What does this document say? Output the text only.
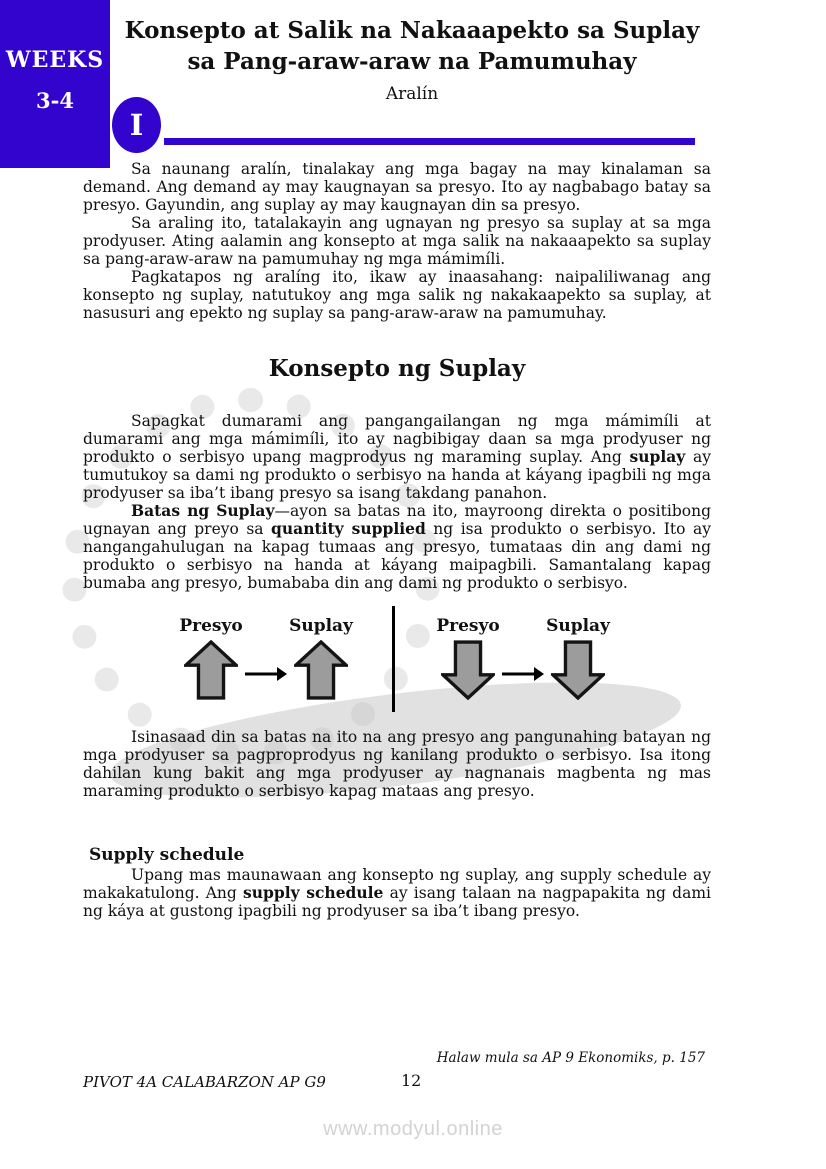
WEEKS
3-4
Konsepto at Salik na Nakaaapekto sa Suplay
sa Pang-araw-araw na Pamumuhay
Aralín
I

Sa naunang aralín, tinalakay ang mga bagay na may kinalaman sa demand. Ang demand ay may kaugnayan sa presyo. Ito ay nagbabago batay sa presyo. Gayundin, ang suplay ay may kaugnayan din sa presyo.

Sa araling ito, tatalakayin ang ugnayan ng presyo sa suplay at sa mga prodyuser. Ating aalamin ang konsepto at mga salik na nakaaapekto sa suplay sa pang-araw-araw na pamumuhay ng mga mámimíli.

Pagkatapos ng aralíng ito, ikaw ay inaasahang: naipaliliwanag ang konsepto ng suplay, natutukoy ang mga salik ng nakakaapekto sa suplay, at nasusuri ang epekto ng suplay sa pang-araw-araw na pamumuhay.

Konsepto ng Suplay

Sapagkat dumarami ang pangangailangan ng mga mámimíli at dumarami ang mga mámimíli, ito ay nagbibigay daan sa mga prodyuser ng produkto o serbisyo upang magprodyus ng maraming suplay. Ang suplay ay tumutukoy sa dami ng produkto o serbisyo na handa at káyang ipagbili ng mga prodyuser sa iba’t ibang presyo sa isang takdang panahon.

Batas ng Suplay—ayon sa batas na ito, mayroong direkta o positibong ugnayan ang preyo sa quantity supplied ng isa produkto o serbisyo. Ito ay nangangahulugan na kapag tumaas ang presyo, tumataas din ang dami ng produkto o serbisyo na handa at káyang maipagbili. Samantalang kapag bumaba ang presyo, bumababa din ang dami ng produkto o serbisyo.

Presyo	Suplay	Presyo	Suplay

Isinasaad din sa batas na ito na ang presyo ang pangunahing batayan ng mga prodyuser sa pagproprodyus ng kanilang produkto o serbisyo. Isa itong dahilan kung bakit ang mga prodyuser ay nagnanais magbenta ng mas maraming produkto o serbisyo kapag mataas ang presyo.

Supply schedule

Upang mas maunawaan ang konsepto ng suplay, ang supply schedule ay makakatulong. Ang supply schedule ay isang talaan na nagpapakita ng dami ng káya at gustong ipagbili ng prodyuser sa iba’t ibang presyo.

Halaw mula sa AP 9 Ekonomiks, p. 157
PIVOT 4A CALABARZON AP G9	12
www.modyul.online
